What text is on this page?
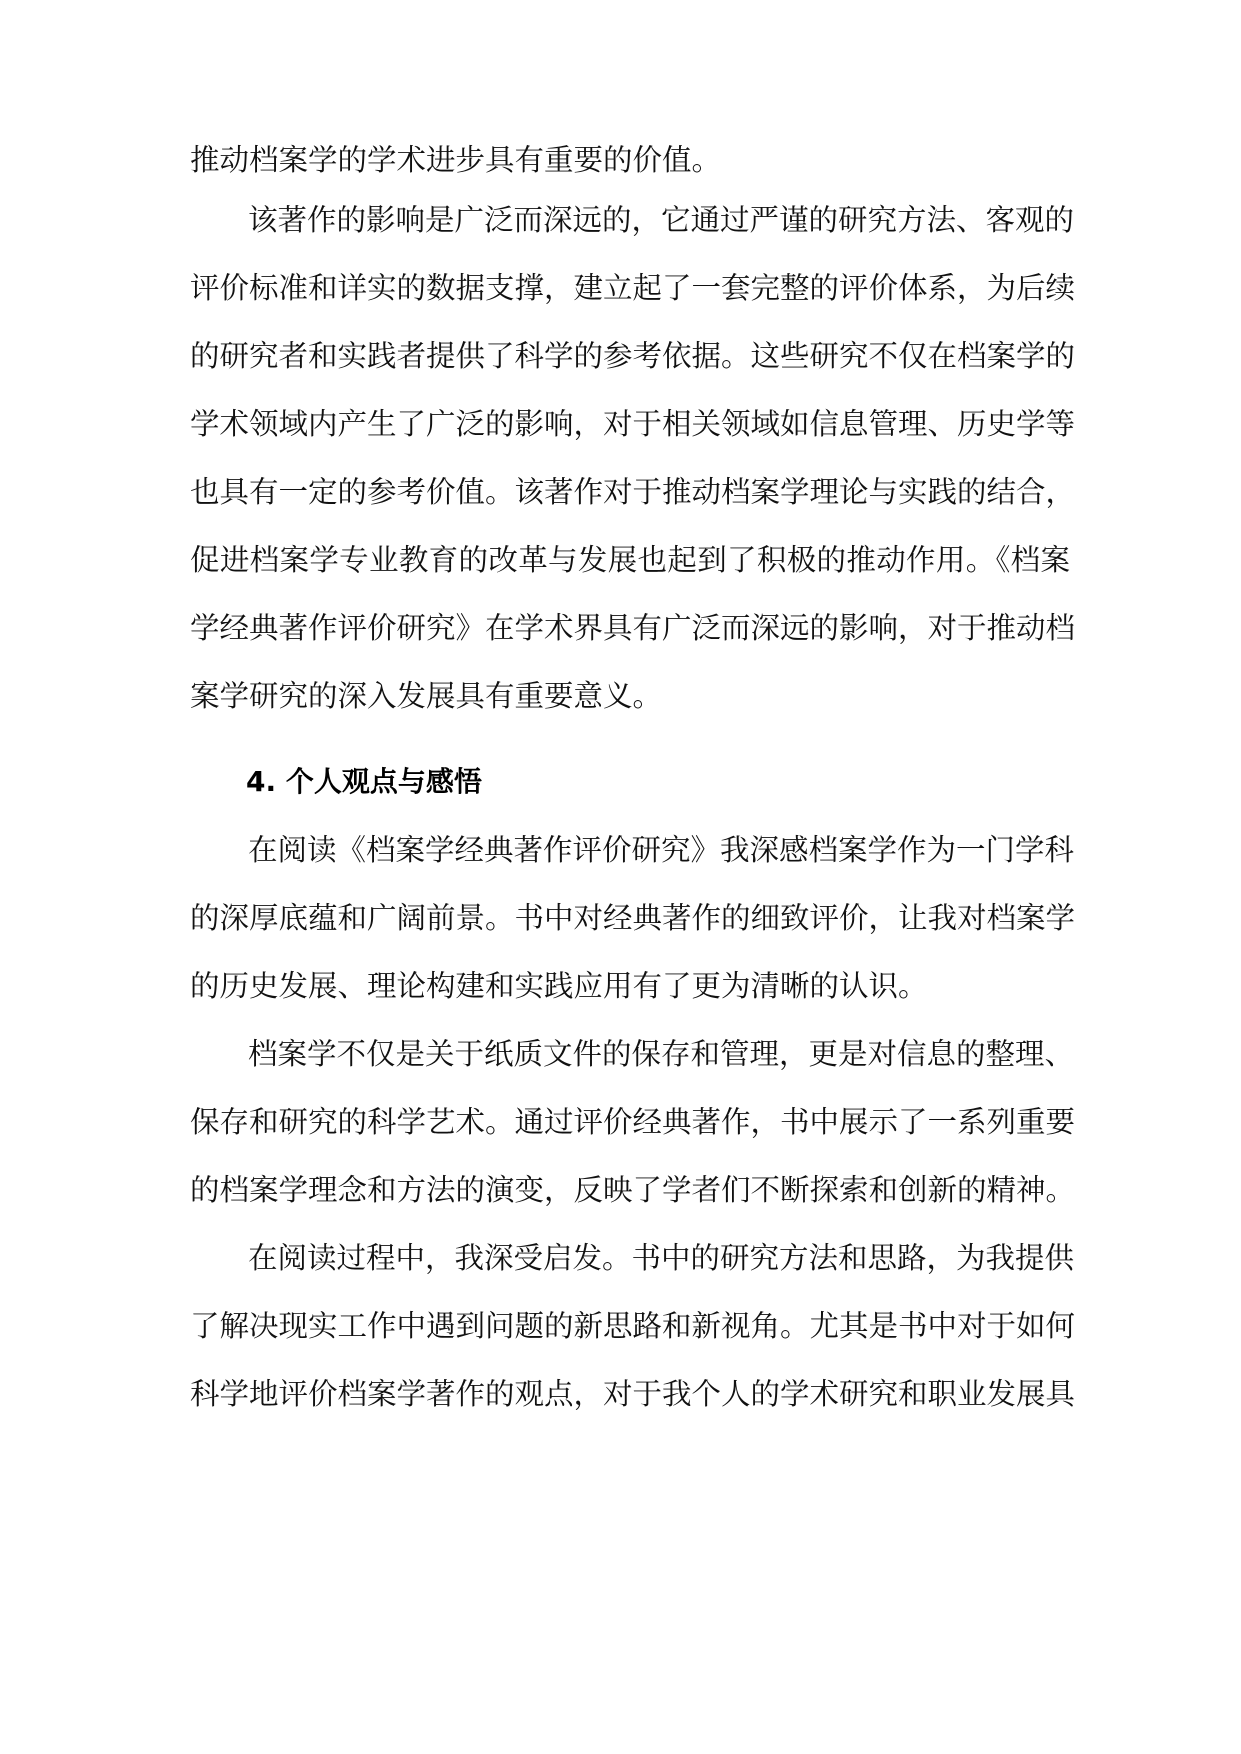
推动档案学的学术进步具有重要的价值。

该著作的影响是广泛而深远的，它通过严谨的研究方法、客观的

评价标准和详实的数据支撑，建立起了一套完整的评价体系，为后续

的研究者和实践者提供了科学的参考依据。这些研究不仅在档案学的

学术领域内产生了广泛的影响，对于相关领域如信息管理、历史学等

也具有一定的参考价值。该著作对于推动档案学理论与实践的结合，

促进档案学专业教育的改革与发展也起到了积极的推动作用。《档案

学经典著作评价研究》在学术界具有广泛而深远的影响，对于推动档

案学研究的深入发展具有重要意义。

4. 个人观点与感悟

在阅读《档案学经典著作评价研究》我深感档案学作为一门学科

的深厚底蕴和广阔前景。书中对经典著作的细致评价，让我对档案学

的历史发展、理论构建和实践应用有了更为清晰的认识。

档案学不仅是关于纸质文件的保存和管理，更是对信息的整理、

保存和研究的科学艺术。通过评价经典著作，书中展示了一系列重要

的档案学理念和方法的演变，反映了学者们不断探索和创新的精神。

在阅读过程中，我深受启发。书中的研究方法和思路，为我提供

了解决现实工作中遇到问题的新思路和新视角。尤其是书中对于如何

科学地评价档案学著作的观点，对于我个人的学术研究和职业发展具
